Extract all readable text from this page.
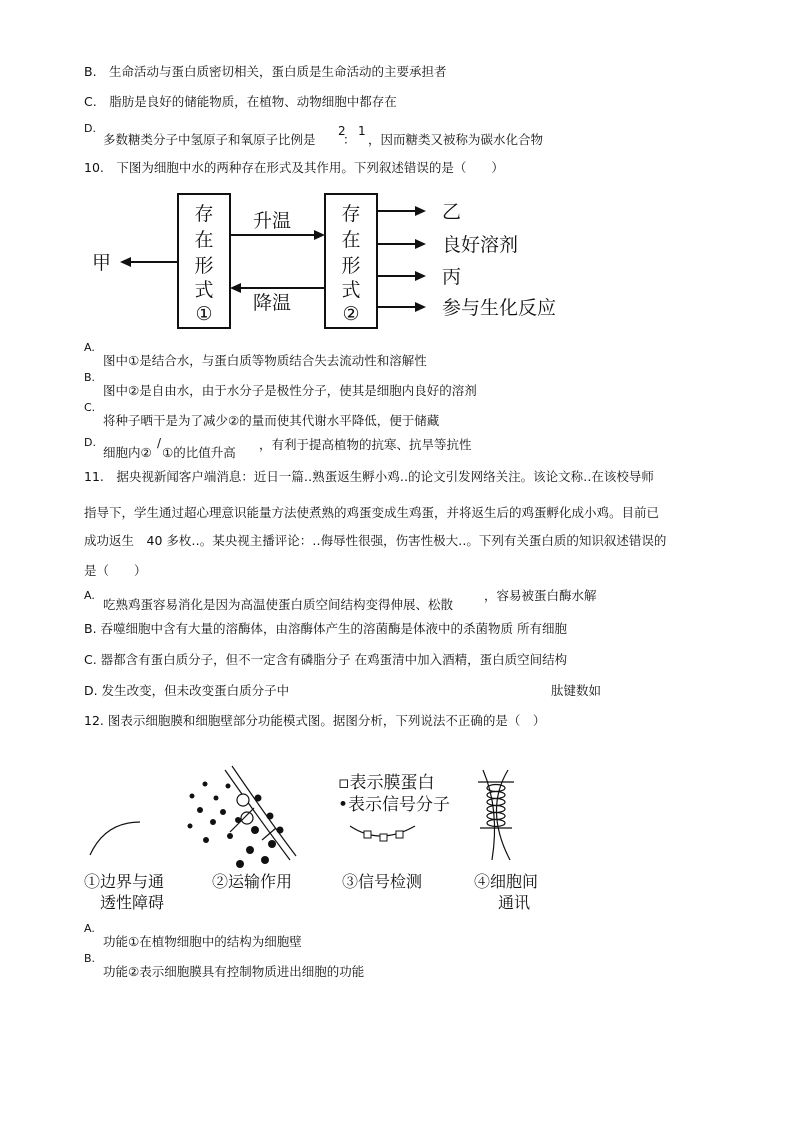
B.　生命活动与蛋白质密切相关，蛋白质是生命活动的主要承担者
C.　脂肪是良好的储能物质，在植物、动物细胞中都存在
D.
多数糖类分子中氢原子和氧原子比例是
2
：
1
，因而糖类又被称为碳水化合物
10.　下图为细胞中水的两种存在形式及其作用。下列叙述错误的是（　　）
存
在
形
式
①
存
在
形
式
②
升温
降温
甲
乙
良好溶剂
丙
参与生化反应
A.
图中①是结合水，与蛋白质等物质结合失去流动性和溶解性
B.
图中②是自由水，由于水分子是极性分子，使其是细胞内良好的溶剂
C.
将种子晒干是为了减少②的量而使其代谢水平降低，便于储藏
D.
细胞内②
/
①的比值升高
，有利于提高植物的抗寒、抗旱等抗性
11.　据央视新闻客户端消息：近日一篇‥熟蛋返生孵小鸡‥的论文引发网络关注。该论文称‥在该校导师
指导下，学生通过超心理意识能量方法使煮熟的鸡蛋变成生鸡蛋，并将返生后的鸡蛋孵化成小鸡。目前已
成功返生　40 多枚‥。某央视主播评论：‥侮辱性很强，伤害性极大‥。下列有关蛋白质的知识叙述错误的
是（　　）
A.
吃熟鸡蛋容易消化是因为高温使蛋白质空间结构变得伸展、松散
，容易被蛋白酶水解
B. 吞噬细胞中含有大量的溶酶体，由溶酶体产生的溶菌酶是体液中的杀菌物质 所有细胞
C. 器都含有蛋白质分子，但不一定含有磷脂分子 在鸡蛋清中加入酒精，蛋白质空间结构
D. 发生改变，但未改变蛋白质分子中	肽键数如
12. 图表示细胞膜和细胞壁部分功能模式图。据图分析，下列说法不正确的是（　）
▫表示膜蛋白
•表示信号分子
①边界与通
透性障碍
②运输作用	③信号检测	④细胞间
通讯
A.
功能①在植物细胞中的结构为细胞壁
B.
功能②表示细胞膜具有控制物质进出细胞的功能
